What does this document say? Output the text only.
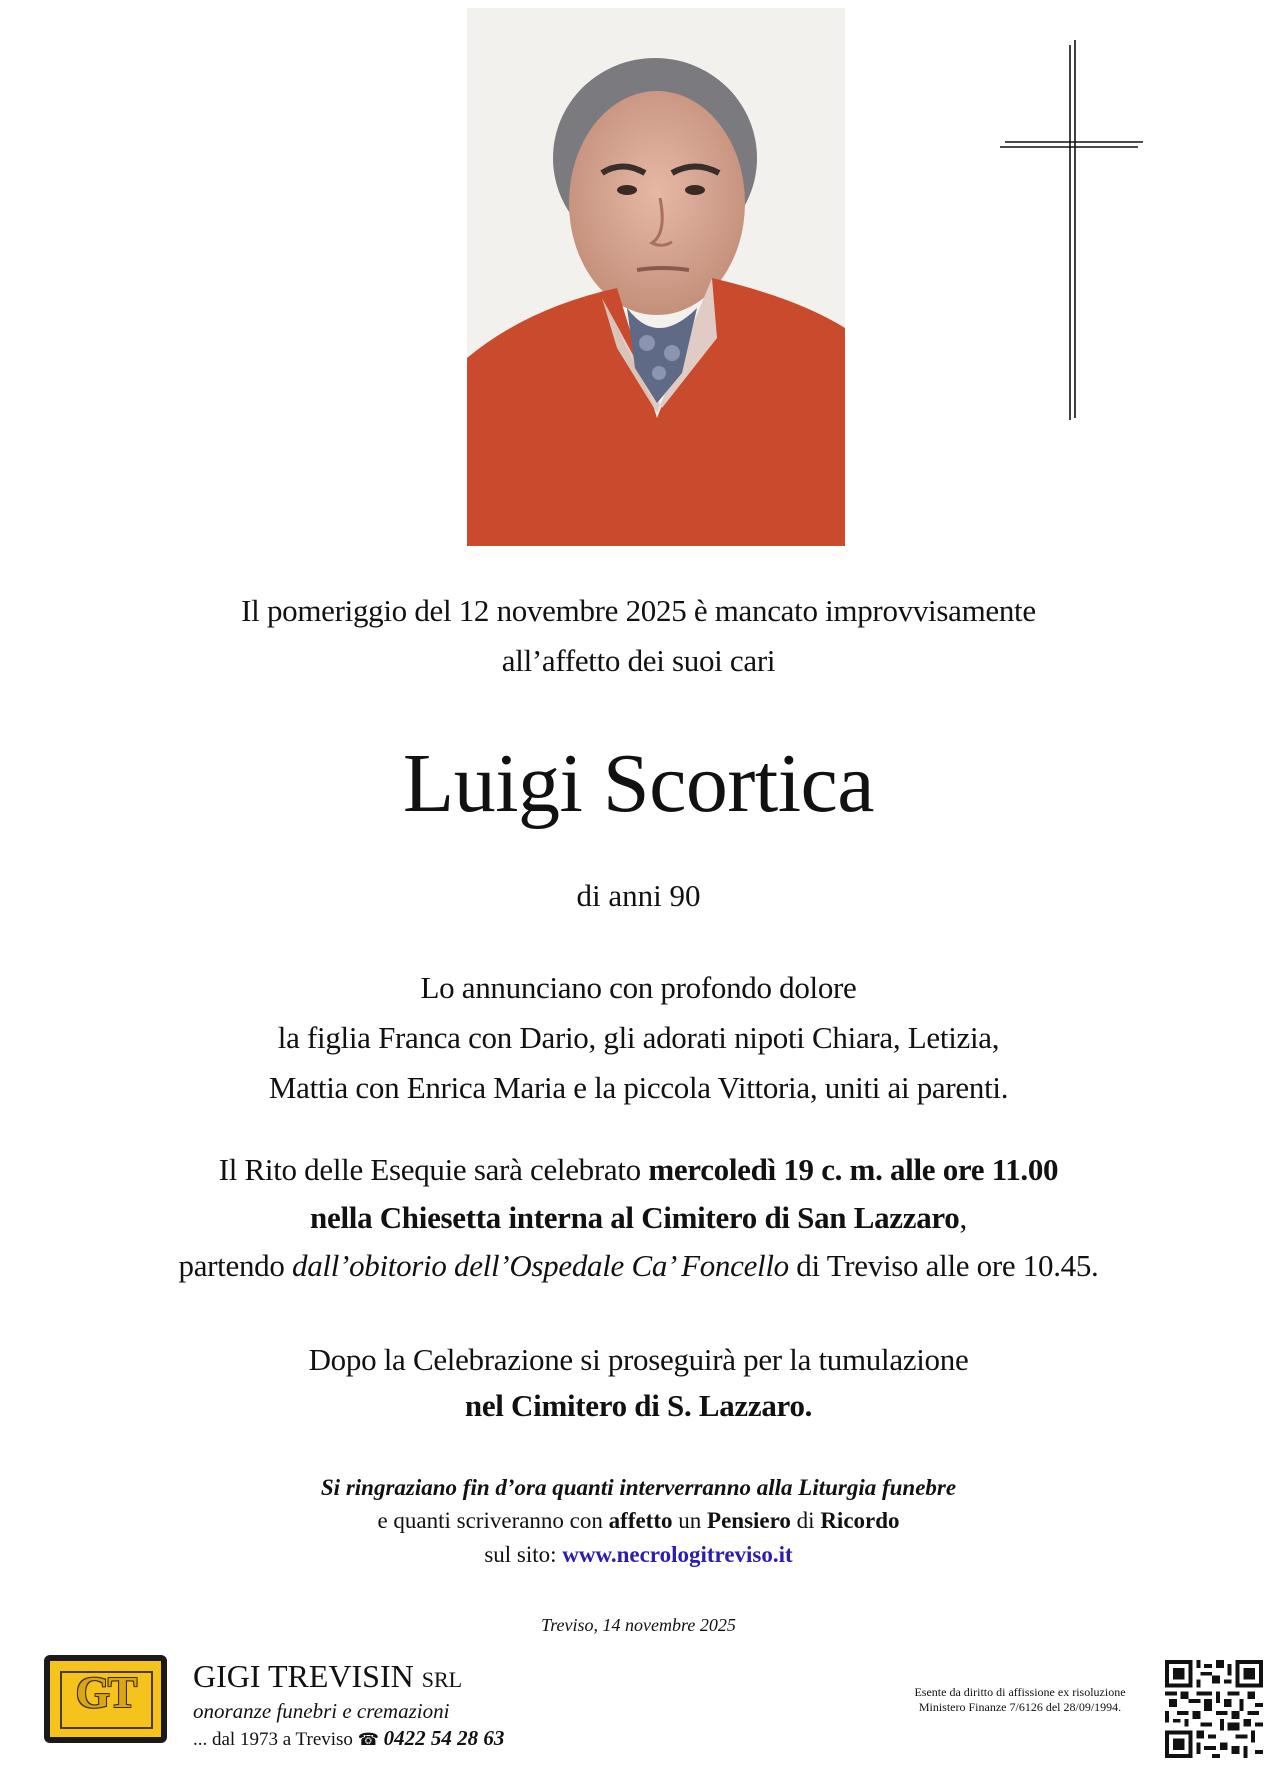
Il pomeriggio del 12 novembre 2025 è mancato improvvisamente
all’affetto dei suoi cari
Luigi Scortica
di anni 90
Lo annunciano con profondo dolore
la figlia Franca con Dario, gli adorati nipoti Chiara, Letizia,
Mattia con Enrica Maria e la piccola Vittoria, uniti ai parenti.
Il Rito delle Esequie sarà celebrato mercoledì 19 c. m. alle ore 11.00
nella Chiesetta interna al Cimitero di San Lazzaro,
partendo dall’obitorio dell’Ospedale Ca’ Foncello di Treviso alle ore 10.45.
Dopo la Celebrazione si proseguirà per la tumulazione
nel Cimitero di S. Lazzaro.
Si ringraziano fin d’ora quanti interverranno alla Liturgia funebre
e quanti scriveranno con affetto un Pensiero di Ricordo
sul sito: www.necrologitreviso.it
Treviso, 14 novembre 2025
GT	GIGI TREVISIN SRL
onoranze funebri e cremazioni
... dal 1973 a Treviso ☎ 0422 54 28 63
Esente da diritto di affissione ex risoluzione
Ministero Finanze 7/6126 del 28/09/1994.
